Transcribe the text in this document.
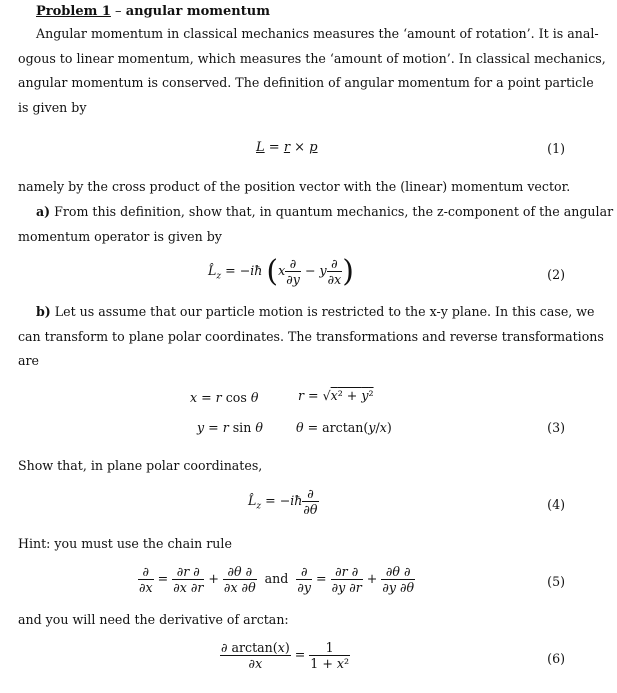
Problem 1 – angular momentum
Angular momentum in classical mechanics measures the ‘amount of rotation’. It is anal-
ogous to linear momentum, which measures the ‘amount of motion’. In classical mechanics,
angular momentum is conserved. The definition of angular momentum for a point particle
is given by
L = r × p	(1)
namely by the cross product of the position vector with the (linear) momentum vector.
a) From this definition, show that, in quantum mechanics, the z-component of the angular
momentum operator is given by
$L̂_z$ = −iħ ($x \frac{\partial}{\partial y} - y \frac{\partial}{\partial x}$ )	(2)
b) Let us assume that our particle motion is restricted to the x-y plane. In this case, we
can transform to plane polar coordinates. The transformations and reverse transformations
are
x = r cos θ
y = r sin θ
r = √x² + y²
θ = arctan(y/x)	(3)
Show that, in plane polar coordinates,
$L̂_z$ = −iħ $\frac{\partial}{\partial\theta}$	(4)
Hint: you must use the chain rule
$\frac{\partial}{\partial x} = \frac{\partial r \partial}{\partial x \partial r} + \frac{\partial\theta \partial}{\partial x \partial\theta}$ and $\frac{\partial}{\partial y} = \frac{\partial r \partial}{\partial y \partial r} + \frac{\partial\theta \partial}{\partial y \partial\theta}$	(5)
and you will need the derivative of arctan:
$\frac{\partial \arctan(x)}{\partial x} = \frac{1}{\text{1 + x²}}$	(6)
